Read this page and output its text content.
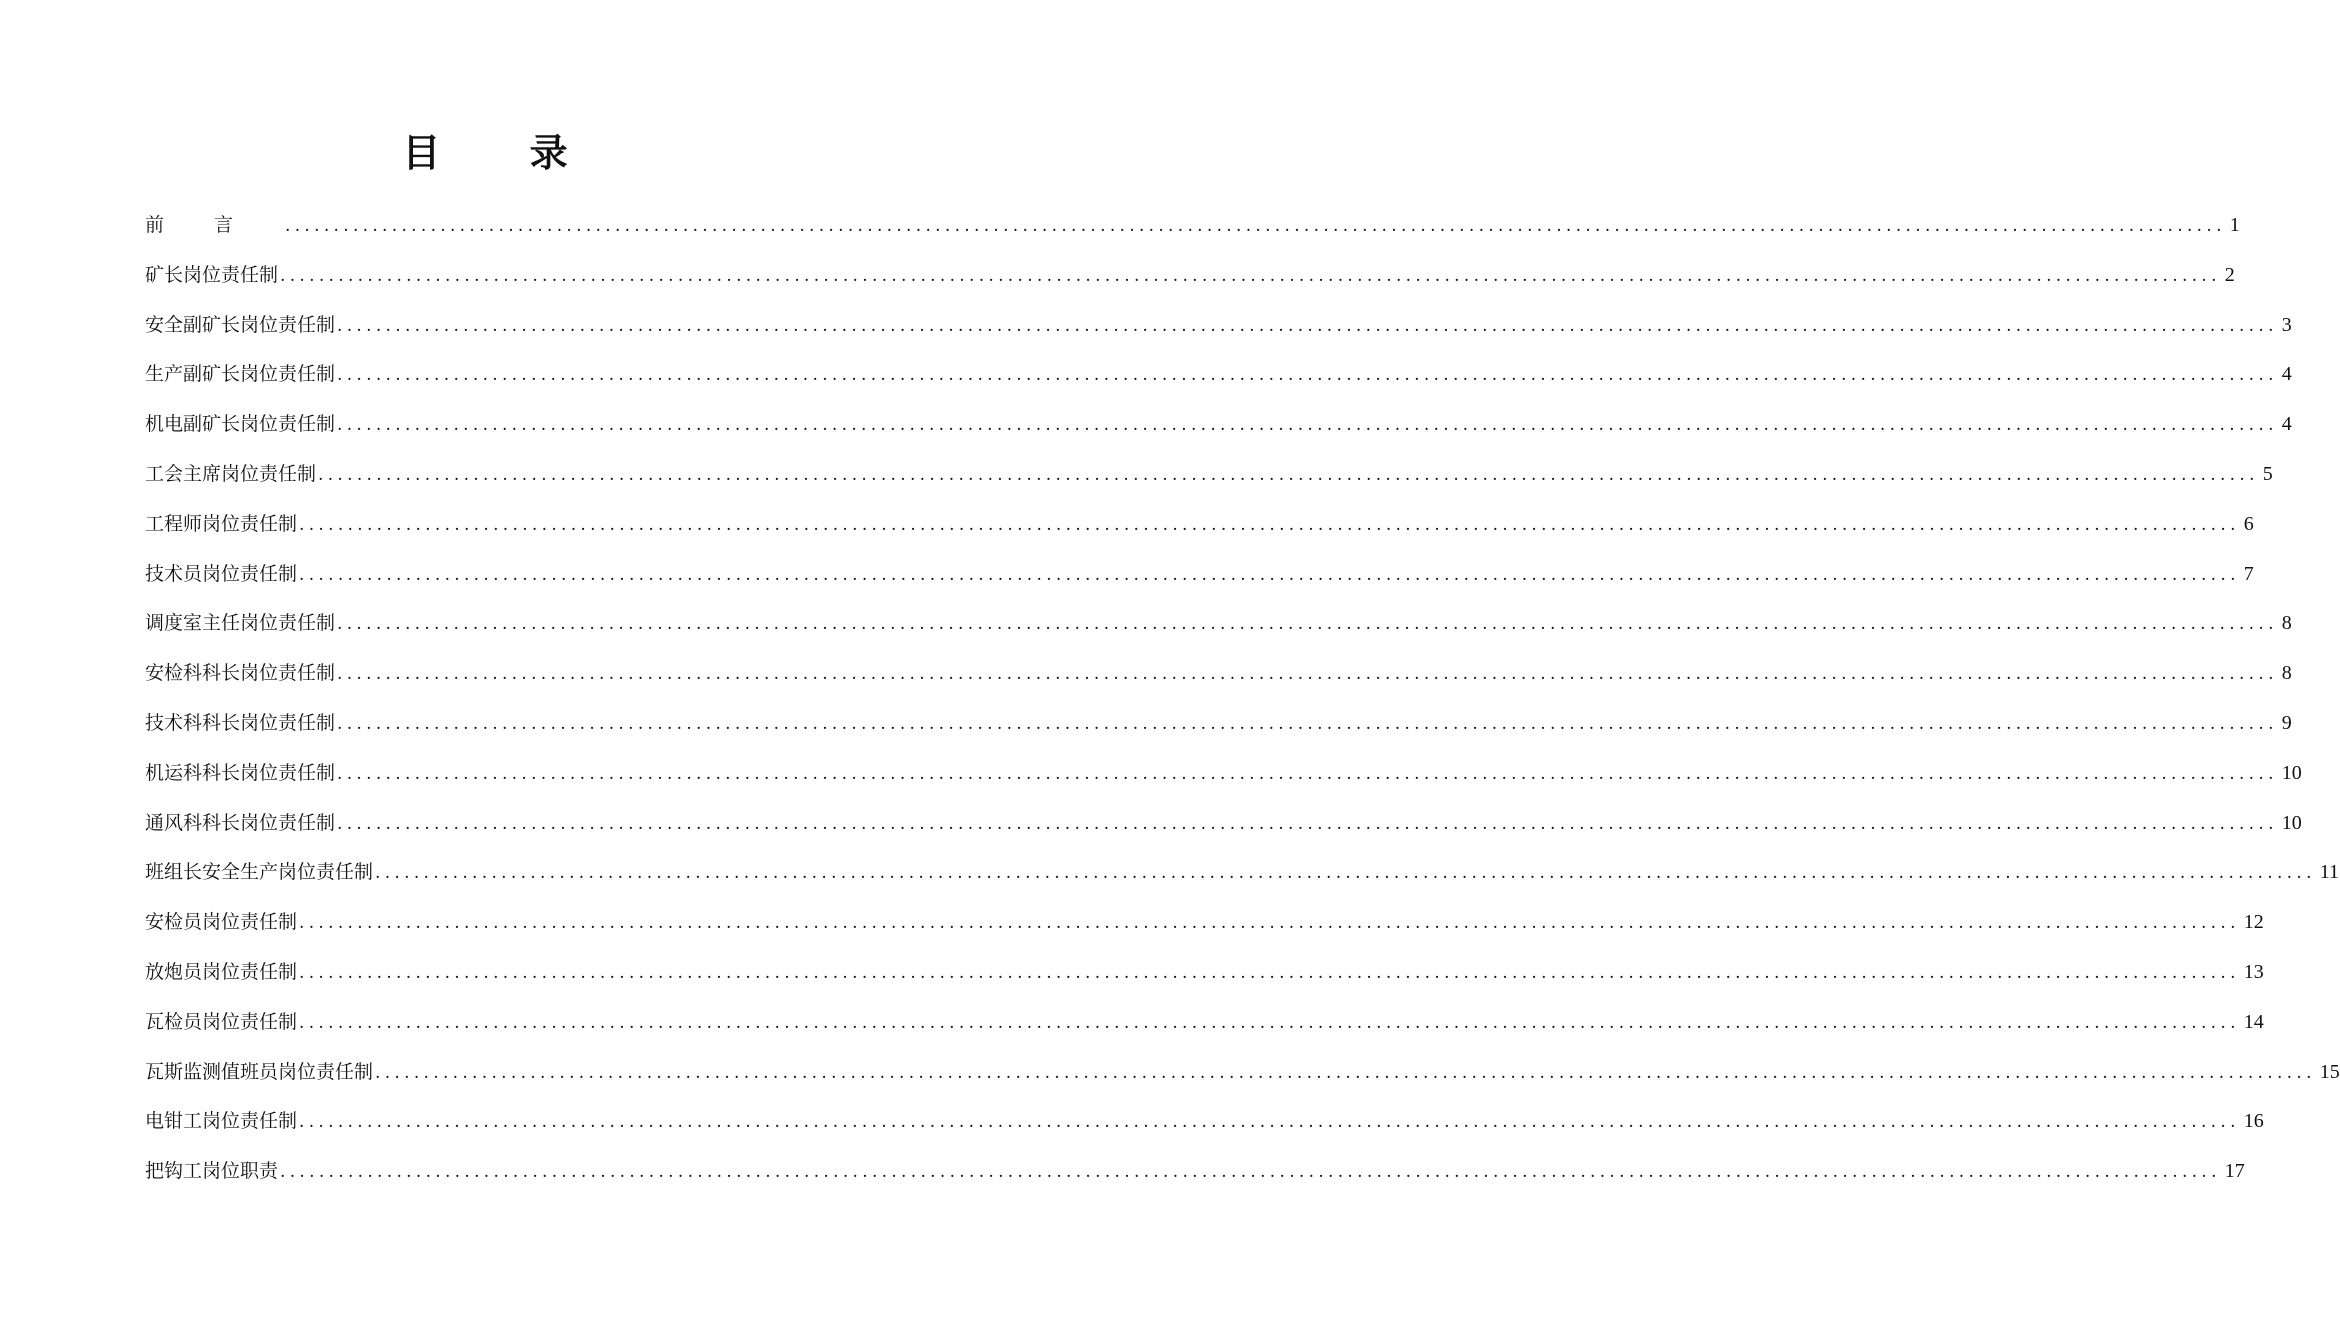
目 录
前言 ........................................................................................................................................................................................................ 1
矿长岗位责任制 ........................................................................................................................................................................................................ 2
安全副矿长岗位责任制 ........................................................................................................................................................................................................ 3
生产副矿长岗位责任制 ........................................................................................................................................................................................................ 4
机电副矿长岗位责任制 ........................................................................................................................................................................................................ 4
工会主席岗位责任制 ........................................................................................................................................................................................................ 5
工程师岗位责任制 ........................................................................................................................................................................................................ 6
技术员岗位责任制 ........................................................................................................................................................................................................ 7
调度室主任岗位责任制 ........................................................................................................................................................................................................ 8
安检科科长岗位责任制 ........................................................................................................................................................................................................ 8
技术科科长岗位责任制 ........................................................................................................................................................................................................ 9
机运科科长岗位责任制 ........................................................................................................................................................................................................ 10
通风科科长岗位责任制 ........................................................................................................................................................................................................ 10
班组长安全生产岗位责任制 ........................................................................................................................................................................................................ 11
安检员岗位责任制 ........................................................................................................................................................................................................ 12
放炮员岗位责任制 ........................................................................................................................................................................................................ 13
瓦检员岗位责任制 ........................................................................................................................................................................................................ 14
瓦斯监测值班员岗位责任制 ........................................................................................................................................................................................................ 15
电钳工岗位责任制 ........................................................................................................................................................................................................ 16
把钩工岗位职责 ........................................................................................................................................................................................................ 17
